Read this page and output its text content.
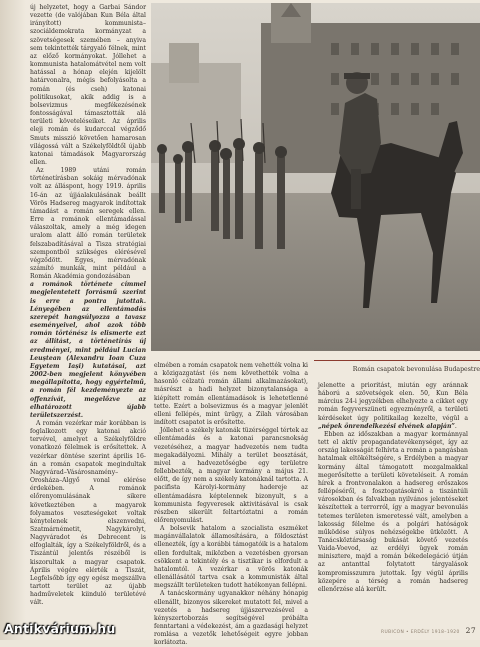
új helyzetet, hogy a Garbai Sándor vezette (de valójában Kun Béla által irányított) kommunista–szociáldemokrata kormányzat a szövetségesek szemében – anyiva sem tekintették tárgyaló félnek, mint az előző kormányokat. Jóllehet a kommunista hatalomátvétel nem volt hatással a hónap elején kijelölt határvonalra, mégis befolyásolta a román (és cseh) katonai politikusokat, akik addig is a bolsevizmus megfékezésének fontosságával támasztották alá területi követeléseiket. Az április eleji román és kudarccal végződő Smuts misszió követően hamarosan világossá vált a Székelyföldtől újabb katonai támadások Magyarország ellen.

Az 1989 utáni román történetírásban sokáig mérvadónak volt az álláspont, hogy 1919. április 16-án az újjáalakulásának beállt Vörös Hadsereg magyarok indítottak támadást a román seregek ellen. Erre a románok ellentámadással válaszoltak, amely a még idegen uralom alatt álló román területek felszabadításával a Tisza stratégiai szempontból szükséges elérésével végződött. Egyes, mérvadónak számító munkák, mint például a Román Akadémia gondozásában

a románok története címmel megjelentetett forrásmű szerint is erre a pontra jutottak. Lényegében az ellentámadás szerepét hangsúlyozza a tavasz eseményeivel, ahol azok több román történész is elismerte ezt az állítást, a történetírás új eredményei, mint például Lucian Leuștean (Alexandru Ioan Cuza Egyetem Iași) kutatásai, azt 2002-ben megjelent könyvében megállapította, hogy egyértelmű, a román fél kezdeményezte az offenzívát, megelőzve az elhatározott újabb területszerzést.

A román vezérkar már korábban is foglalkozott egy katonai akció tervével, amelyet a Székelyföldre vonatkozó félelmek is erősítettek. A vezérkar döntése szerint április 16-án a román csapatok megindultak Nagyvárad–Vásárosnamény–Orosháza–Algyő vonal elérése érdekében. A románok előrenyomulásának sikere következtében a magyarok folyamatos veszteségeket voltak kénytelenek elszenvedni, Szatmárnémetit, Nagykárolyt, Nagyváradot és Debrecent is elfoglalták, így a Székelyföldről, és a Tiszántúl jelentős részéből is kiszorultak a magyar csapatok. Április végére elérték a Tiszát, Legfelsőbb így egy egész megszállva tartott terület az újabb hadműveletek kiinduló területévé vált.

Román csapatok bevonulása Budapestre

elmében a román csapatok nem vehették volna ki a közigazgatást (és nem követhették volna a hasonló célzatú román állami alkalmazásokat), másrészt a hadi helyzet bizonytalansága a kiépített román ellentámadások is lehetetlenné tette. Ezért a bolsevizmus és a magyar jelenlét elleni fellépés, mint ürügy, a Zilah városában indított csapatot is erősítette.

Jóllehet a székely katonák tüzérséggel tértek az ellentámadás és a katonai parancsnokság vezetéséhez, a magyar hadvezetés nem tudta megakadályozni. Mihály a terület beosztását, mivel a hadvezetőségbe egy területre fellebbezték, a magyar kormány a május 21. előtt, de így nem a székely katonáknál tartotta. A pacifista Károlyi-kormány hadereje az ellentámadásra képtelennek bizonyult, s a kommunista fegyveresek aktivitásával is csak részben sikerült feltartóztatni a román előrenyomulást.

A bolsevik hatalom a szocialista eszméket magánvállalatok államosítására, a földosztást ellenezték, így a korábbi támogatóik is a hatalom ellen fordultak, miközben a vezetésben gyorsan csökkent a tekintély és a tisztikar is elfordult a hatalomtól. A vezérkar a vörös katonák ellenállásától tartva csak a kommunisták által megszállt területeken tudott hatékonyan fellépni.

A tanácskormány ugyanakkor néhány hónapig ellenállt, bizonyos sikereket mutatott fel, mivel a vezetés a hadsereg újjászervezésével a kényszertoborzás segítségével próbálta fenntartani a védekezést, ám a gazdasági helyzet romlása a vezetők lehetőségeit egyre jobban korlátozta.

jelenette a prioritást, miután egy aránnak háború a szövetségek elen. 50, Kun Béla március 24-i jegyzékben elhelyezte a cikket egy román fegyverszüneti egyezményről, a területi kérdéseket úgy politikailag kezelte, végül a „népek önrendelkezési elvének alapján”.

Ebben az időszakban a magyar kormánnyal tett el aktív propagandatevékenységet, így az ország lakosságát felhívta a román a pangásban hatalmak eltökéltségére, s Erdélyben a magyar kormány által támogatott mozgalmakkal megerősítette a területi követeléseit. A román hírek a frontvonalakon a hadsereg erőszakos fellépéséről, a fosztogatásokról a tiszántúli városokban és falvakban nyilvános jelentéseket készítettek a terrorról, így a magyar bevonulás tetemes területen ismeretessé vált, amelyben a lakosság félelme és a polgári hatóságok működése súlyos nehézségekbe ütközött. A Tanácsköztársaság bukását követő vezetés Vaida-Voevod, az erdélyi ügyek román minisztere, majd a román békedelegáció útján az antanttal folytatott tárgyalások kompromisszumra jutottak. Így végül április közepére a térség a román hadsereg ellenőrzése alá került.

RUBICON • ERDÉLY 1918–1920 27
Antikvárium.hu
